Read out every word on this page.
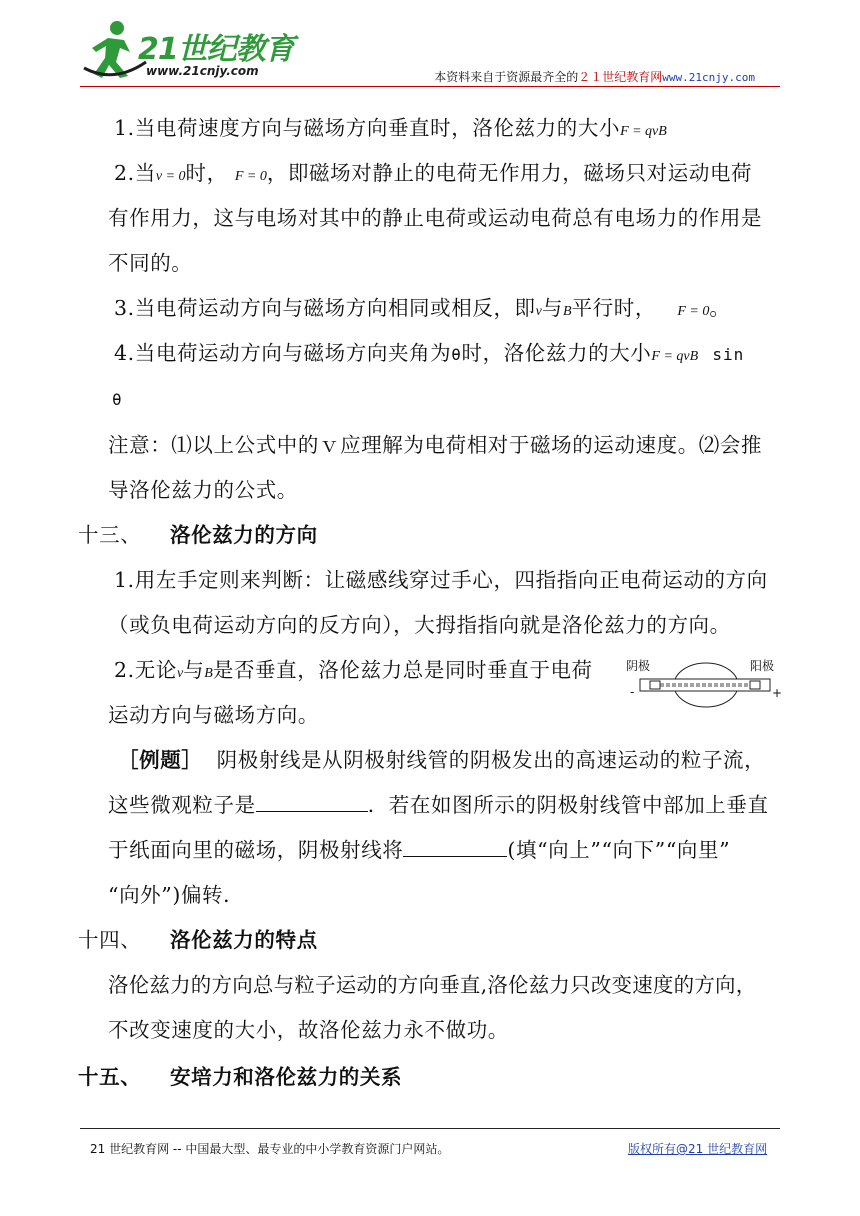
21世纪教育
www.21cnjy.com	本资料来自于资源最齐全的２１世纪教育网www.21cnjy.com
1.当电荷速度方向与磁场方向垂直时，洛伦兹力的大小F = qvB
2.当v = 0时， F = 0，即磁场对静止的电荷无作用力，磁场只对运动电荷
有作用力，这与电场对其中的静止电荷或运动电荷总有电场力的作用是
不同的。
3.当电荷运动方向与磁场方向相同或相反，即v与B平行时， F = 0。
4.当电荷运动方向与磁场方向夹角为θ时，洛伦兹力的大小F = qvB sin
θ
注意：⑴以上公式中的ｖ应理解为电荷相对于磁场的运动速度。⑵会推
导洛伦兹力的公式。
十三、 洛伦兹力的方向
1.用左手定则来判断：让磁感线穿过手心，四指指向正电荷运动的方向
（或负电荷运动方向的反方向），大拇指指向就是洛伦兹力的方向。
2.无论v与B是否垂直，洛伦兹力总是同时垂直于电荷
运动方向与磁场方向。
阴极	阳极
-	+
［例题］ 阴极射线是从阴极射线管的阴极发出的高速运动的粒子流，
这些微观粒子是	．若在如图所示的阴极射线管中部加上垂直
于纸面向里的磁场，阴极射线将	(填“向上”“向下”“向里”
“向外”)偏转．
十四、 洛伦兹力的特点
洛伦兹力的方向总与粒子运动的方向垂直,洛伦兹力只改变速度的方向，
不改变速度的大小，故洛伦兹力永不做功。
十五、 安培力和洛伦兹力的关系
21 世纪教育网 -- 中国最大型、最专业的中小学教育资源门户网站。	版权所有@21 世纪教育网
